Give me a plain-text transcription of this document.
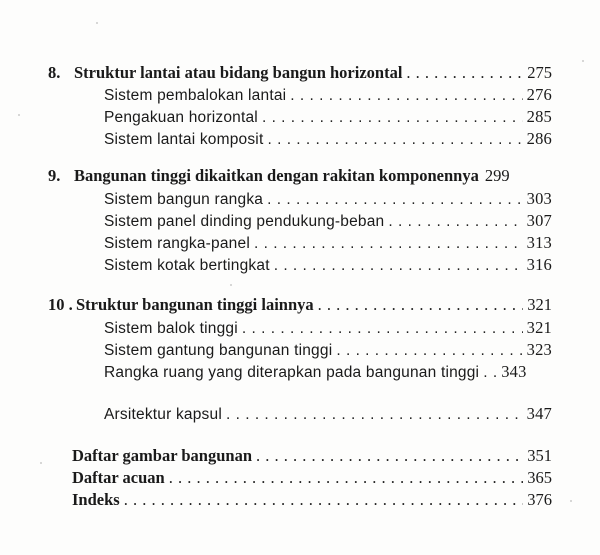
8. Struktur lantai atau bidang bangun horizontal . . .	275
Sistem pembalokan lantai . . .	276
Pengakuan horizontal . . .	285
Sistem lantai komposit . . .	286
9. Bangunan tinggi dikaitkan dengan rakitan komponennya 299
Sistem bangun rangka . . .	303
Sistem panel dinding pendukung-beban . . .	307
Sistem rangka-panel . . .	313
Sistem kotak bertingkat . . .	316
10 . Struktur bangunan tinggi lainnya . . .	321
Sistem balok tinggi . . .	321
Sistem gantung bangunan tinggi . . .	323
Rangka ruang yang diterapkan pada bangunan tinggi . . . 343
Arsitektur kapsul . . .	347
Daftar gambar bangunan . . .	351
Daftar acuan . . .	365
Indeks . . .	376
